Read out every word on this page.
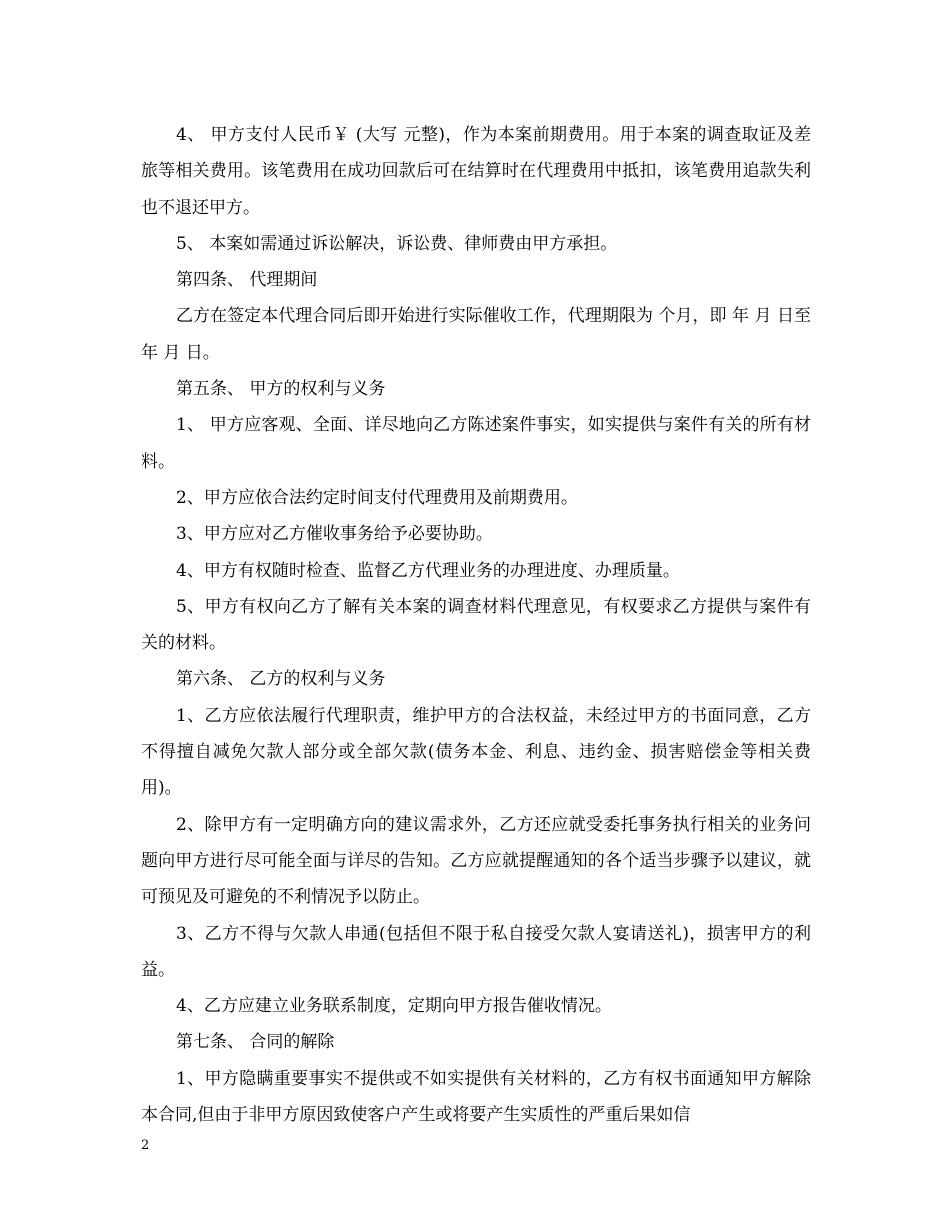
4、 甲方支付人民币￥ (大写 元整)，作为本案前期费用。用于本案的调查取证及差旅等相关费用。该笔费用在成功回款后可在结算时在代理费用中抵扣，该笔费用追款失利也不退还甲方。

5、 本案如需通过诉讼解决，诉讼费、律师费由甲方承担。

第四条、 代理期间

乙方在签定本代理合同后即开始进行实际催收工作，代理期限为 个月，即 年 月 日至 年 月 日。

第五条、 甲方的权利与义务

1、 甲方应客观、全面、详尽地向乙方陈述案件事实，如实提供与案件有关的所有材料。

2、甲方应依合法约定时间支付代理费用及前期费用。

3、甲方应对乙方催收事务给予必要协助。

4、甲方有权随时检查、监督乙方代理业务的办理进度、办理质量。

5、甲方有权向乙方了解有关本案的调查材料代理意见，有权要求乙方提供与案件有关的材料。

第六条、 乙方的权利与义务

1、乙方应依法履行代理职责，维护甲方的合法权益，未经过甲方的书面同意，乙方不得擅自减免欠款人部分或全部欠款(债务本金、利息、违约金、损害赔偿金等相关费用)。

2、除甲方有一定明确方向的建议需求外，乙方还应就受委托事务执行相关的业务问题向甲方进行尽可能全面与详尽的告知。乙方应就提醒通知的各个适当步骤予以建议，就可预见及可避免的不利情况予以防止。

3、乙方不得与欠款人串通(包括但不限于私自接受欠款人宴请送礼)，损害甲方的利益。

4、乙方应建立业务联系制度，定期向甲方报告催收情况。

第七条、 合同的解除

1、甲方隐瞒重要事实不提供或不如实提供有关材料的，乙方有权书面通知甲方解除本合同,但由于非甲方原因致使客户产生或将要产生实质性的严重后果如信

2
